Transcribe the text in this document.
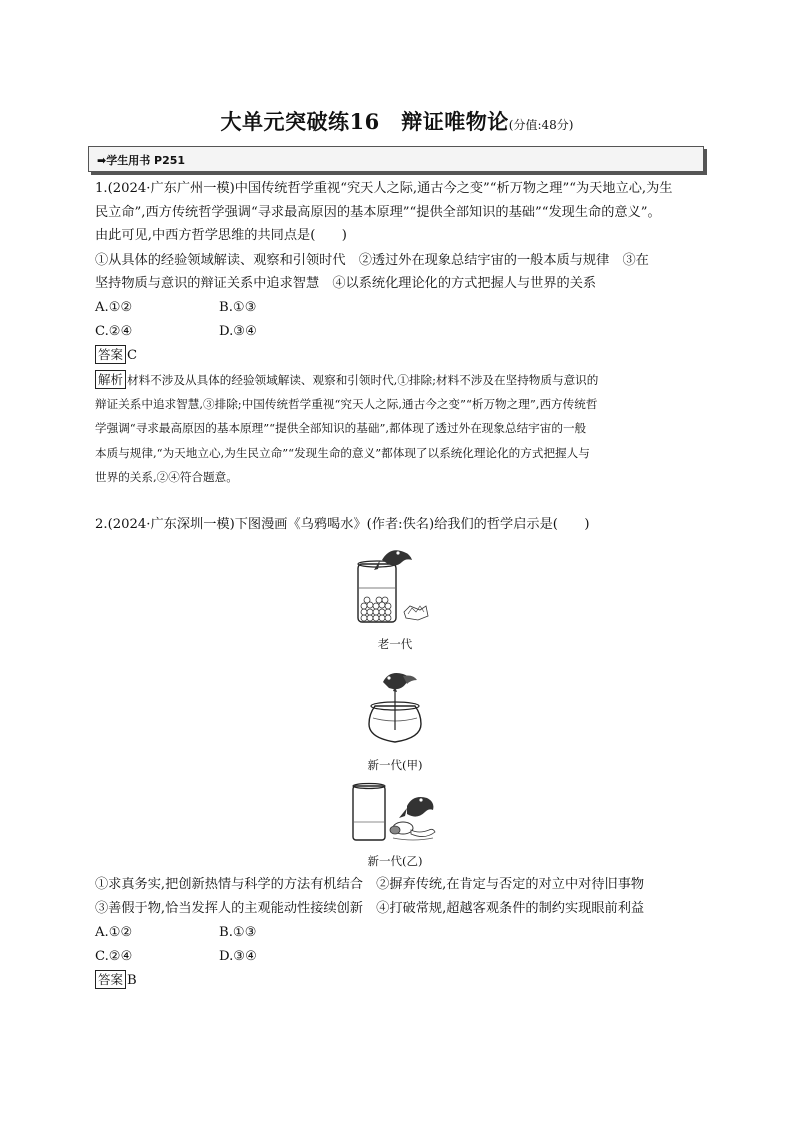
大单元突破练16　辩证唯物论(分值:48分)
➡学生用书 P251
1.(2024·广东广州一模)中国传统哲学重视“究天人之际,通古今之变”“析万物之理”“为天地立心,为生
民立命”,西方传统哲学强调“寻求最高原因的基本原理”“提供全部知识的基础”“发现生命的意义”。
由此可见,中西方哲学思维的共同点是(　　)
①从具体的经验领域解读、观察和引领时代　②透过外在现象总结宇宙的一般本质与规律　③在
坚持物质与意识的辩证关系中追求智慧　④以系统化理论化的方式把握人与世界的关系
A.①②	B.①③
C.②④	D.③④
答案 C
解析 材料不涉及从具体的经验领域解读、观察和引领时代,①排除;材料不涉及在坚持物质与意识的
辩证关系中追求智慧,③排除;中国传统哲学重视“究天人之际,通古今之变”“析万物之理”,西方传统哲
学强调“寻求最高原因的基本原理”“提供全部知识的基础”,都体现了透过外在现象总结宇宙的一般
本质与规律,“为天地立心,为生民立命”“发现生命的意义”都体现了以系统化理论化的方式把握人与
世界的关系,②④符合题意。
2.(2024·广东深圳一模)下图漫画《乌鸦喝水》(作者:佚名)给我们的哲学启示是(　　)
老一代
新一代(甲)
新一代(乙)
①求真务实,把创新热情与科学的方法有机结合　②摒弃传统,在肯定与否定的对立中对待旧事物
③善假于物,恰当发挥人的主观能动性接续创新　④打破常规,超越客观条件的制约实现眼前利益
A.①②	B.①③
C.②④	D.③④
答案 B
